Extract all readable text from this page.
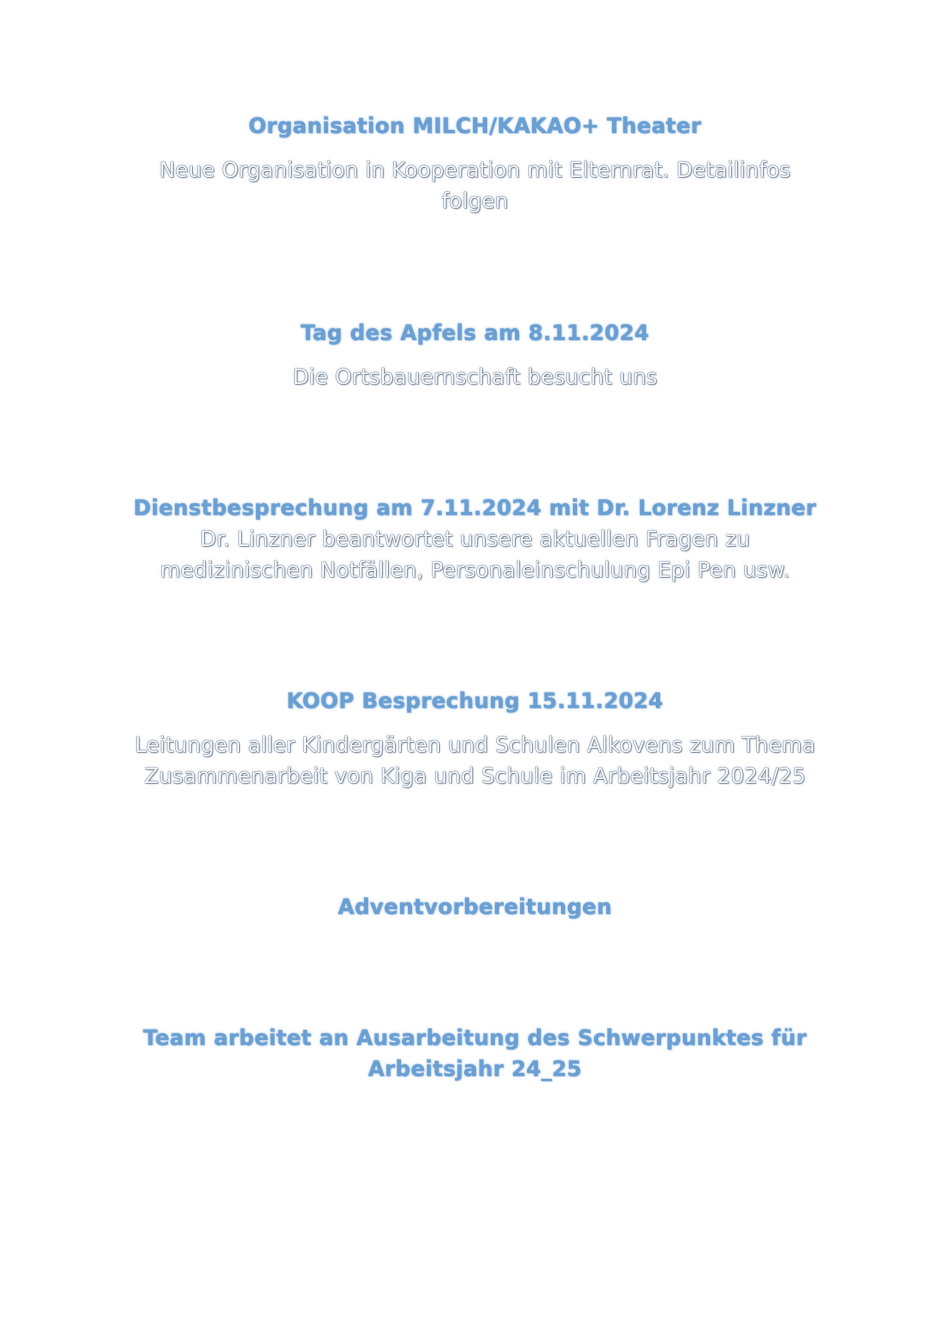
Organisation MILCH/KAKAO+ Theater
Neue Organisation in Kooperation mit Elternrat. Detailinfos
folgen
Tag des Apfels am 8.11.2024
Die Ortsbauernschaft besucht uns
Dienstbesprechung am 7.11.2024 mit Dr. Lorenz Linzner
Dr. Linzner beantwortet unsere aktuellen Fragen zu
medizinischen Notfällen, Personaleinschulung Epi Pen usw.
KOOP Besprechung 15.11.2024
Leitungen aller Kindergärten und Schulen Alkovens zum Thema
Zusammenarbeit von Kiga und Schule im Arbeitsjahr 2024/25
Adventvorbereitungen
Team arbeitet an Ausarbeitung des Schwerpunktes für
Arbeitsjahr 24_25
